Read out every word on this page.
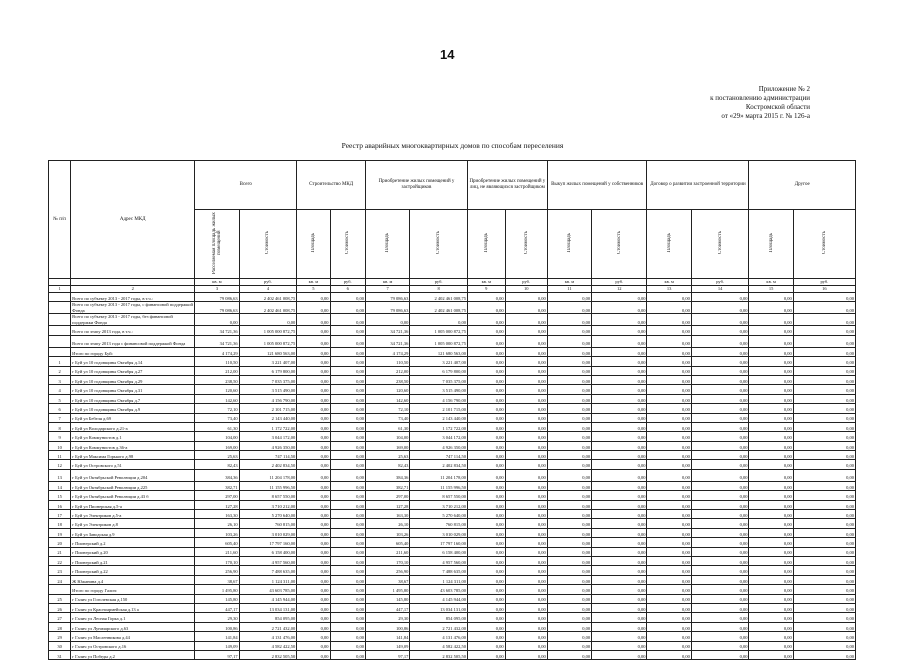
14
Приложение № 2
к постановлению администрации
Костромской области
от «29» марта 2015 г. № 126-а
Реестр аварийных многоквартирных домов по способам переселения
№ п/п	Адрес МКД	Всего		Строительство МКД		Приобретение жилых помещений у застройщиков		Приобретение жилых помещений у лиц, не являющихся застройщиком		Выкуп жилых помещений у собственников		Договор о развитии застроенной территории		Другое	
		Расселяемая площадь жилых помещений	Стоимость	Площадь	Стоимость	Площадь	Стоимость	Площадь	Стоимость	Площадь	Стоимость	Площадь	Стоимость	Площадь	Стоимость
		кв. м	руб.	кв. м	руб.	кв. м	руб.	кв. м	руб.	кв. м	руб.	кв. м	руб.	кв. м	руб.
1	2	3	4	5	6	7	8	9	10	11	12	13	14	15	16
	Всего по субъекту 2013 - 2017 годы, в т.ч.:	79 086,63	2 402 461 008,75	0,00	0,00	79 086,63	2 402 461 008,75	0,00	0,00	0,00	0,00	0,00	0,00	0,00	0,00
	Всего по субъекту 2013 - 2017 годы, с финансовой поддержкой Фонда	79 086,63	2 402 461 008,75	0,00	0,00	79 086,63	2 402 461 008,75	0,00	0,00	0,00	0,00	0,00	0,00	0,00	0,00
	Всего по субъекту 2013 - 2017 годы, без финансовой поддержки Фонда	0,00	0,00	0,00	0,00	0,00	0,00	0,00	0,00	0,00	0,00	0,00	0,00	0,00	0,00
	Всего по этапу 2013 года, в т.ч.:	34 721,36	1 005 000 872,75	0,00	0,00	34 721,36	1 005 000 872,75	0,00	0,00	0,00	0,00	0,00	0,00	0,00	0,00
	Всего по этапу 2013 года с финансовой поддержкой Фонда	34 721,36	1 005 000 872,75	0,00	0,00	34 721,36	1 005 000 872,75	0,00	0,00	0,00	0,00	0,00	0,00	0,00	0,00
	Итого по городу Буй:	4 174,29	121 680 563,00	0,00	0,00	4 174,29	121 680 563,00	0,00	0,00	0,00	0,00	0,00	0,00	0,00	0,00
1	г Буй ул 10 годовщины Октября д.14	110,50	3 221 407,00	0,00	0,00	110,50	3 221 407,00	0,00	0,00	0,00	0,00	0,00	0,00	0,00	0,00
2	г Буй ул 10 годовщины Октября д.27	212,00	6 179 800,00	0,00	0,00	212,00	6 179 800,00	0,00	0,00	0,00	0,00	0,00	0,00	0,00	0,00
3	г Буй ул 10 годовщины Октября д.29	238,50	7 035 375,00	0,00	0,00	238,50	7 035 375,00	0,00	0,00	0,00	0,00	0,00	0,00	0,00	0,00
4	г Буй ул 10 годовщины Октября д.31	120,60	3 515 490,00	0,00	0,00	120,60	3 515 490,00	0,00	0,00	0,00	0,00	0,00	0,00	0,00	0,00
5	г Буй ул 10 годовщины Октября д.7	142,60	4 156 790,00	0,00	0,00	142,60	4 156 790,00	0,00	0,00	0,00	0,00	0,00	0,00	0,00	0,00
6	г Буй ул 10 годовщины Октября д.9	72,10	2 101 715,00	0,00	0,00	72,10	2 101 715,00	0,00	0,00	0,00	0,00	0,00	0,00	0,00	0,00
7	г Буй ул Бебеля д.69	73,40	2 143 440,00	0,00	0,00	73,40	2 143 440,00	0,00	0,00	0,00	0,00	0,00	0,00	0,00	0,00
8	г Буй ул Володарского д.21-а	61,30	1 172 722,00	0,00	0,00	61,30	1 172 722,00	0,00	0,00	0,00	0,00	0,00	0,00	0,00	0,00
9	г Буй ул Коммунистов д.1	104,00	3 044 172,00	0,00	0,00	104,00	3 044 172,00	0,00	0,00	0,00	0,00	0,00	0,00	0,00	0,00
10	г Буй ул Коммунистов д.36-а	169,00	4 926 350,00	0,00	0,00	169,00	4 926 350,00	0,00	0,00	0,00	0,00	0,00	0,00	0,00	0,00
11	г Буй ул Максима Горького д.98	25,63	747 114,50	0,00	0,00	25,63	747 114,50	0,00	0,00	0,00	0,00	0,00	0,00	0,00	0,00
12	г Буй ул Островского д.51	82,43	2 402 834,50	0,00	0,00	82,43	2 402 834,50	0,00	0,00	0,00	0,00	0,00	0,00	0,00	0,00
13	г Буй ул Октябрьской Революции д.204	384,36	11 204 178,00	0,00	0,00	384,36	11 204 178,00	0,00	0,00	0,00	0,00	0,00	0,00	0,00	0,00
14	г Буй ул Октябрьской Революции д.225	382,71	11 155 996,50	0,00	0,00	382,71	11 155 996,50	0,00	0,00	0,00	0,00	0,00	0,00	0,00	0,00
15	г Буй ул Октябрьской Революции д.43 б	297,00	8 657 550,00	0,00	0,00	297,00	8 657 550,00	0,00	0,00	0,00	0,00	0,00	0,00	0,00	0,00
16	г Буй ул Пионерская д.5-а	127,28	3 710 212,00	0,00	0,00	127,28	3 710 212,00	0,00	0,00	0,00	0,00	0,00	0,00	0,00	0,00
17	г Буй ул Электриков д.5-а	163,30	5 270 640,00	0,00	0,00	163,30	5 270 640,00	0,00	0,00	0,00	0,00	0,00	0,00	0,00	0,00
18	г Буй ул Электриков д.8	26,10	760 815,00	0,00	0,00	26,10	760 815,00	0,00	0,00	0,00	0,00	0,00	0,00	0,00	0,00
19	г Буй ул Заводская д.9	103,26	3 010 029,00	0,00	0,00	103,26	3 010 029,00	0,00	0,00	0,00	0,00	0,00	0,00	0,00	0,00
20	г Пионерский д.2	605,40	17 797 160,00	0,00	0,00	605,40	17 797 160,00	0,00	0,00	0,00	0,00	0,00	0,00	0,00	0,00
21	г Пионерский д.20	211,60	6 158 400,00	0,00	0,00	211,60	6 158 400,00	0,00	0,00	0,00	0,00	0,00	0,00	0,00	0,00
22	г Пионерский д.21	170,10	4 957 560,00	0,00	0,00	170,10	4 957 560,00	0,00	0,00	0,00	0,00	0,00	0,00	0,00	0,00
23	г Пионерский д.22	256,90	7 488 635,00	0,00	0,00	256,90	7 488 635,00	0,00	0,00	0,00	0,00	0,00	0,00	0,00	0,00
24	Ж Южанина д.4	38,67	1 124 311,00	0,00	0,00	38,67	1 124 311,00	0,00	0,00	0,00	0,00	0,00	0,00	0,00	0,00
	Итого по городу Галич:	1 495,80	43 603 785,00	0,00	0,00	1 495,80	43 603 785,00	0,00	0,00	0,00	0,00	0,00	0,00	0,00	0,00
25	г Галич ул Гоголевская д.150	145,80	4 145 944,00	0,00	0,00	145,80	4 145 944,00	0,00	0,00	0,00	0,00	0,00	0,00	0,00	0,00
26	г Галич ул Красноармейская д.13 а	447,17	13 034 131,00	0,00	0,00	447,17	13 034 131,00	0,00	0,00	0,00	0,00	0,00	0,00	0,00	0,00
27	г Галич ул Лесная Горка д.1	29,30	854 095,00	0,00	0,00	29,30	854 095,00	0,00	0,00	0,00	0,00	0,00	0,00	0,00	0,00
28	г Галич ул Луначарского д.63	100,86	2 721 432,00	0,00	0,00	100,86	2 721 432,00	0,00	0,00	0,00	0,00	0,00	0,00	0,00	0,00
29	г Галич ул Масленникова д.44	141,84	4 131 476,00	0,00	0,00	141,84	4 131 476,00	0,00	0,00	0,00	0,00	0,00	0,00	0,00	0,00
30	г Галич ул Островского д.16	149,09	4 582 422,50	0,00	0,00	149,09	4 582 422,50	0,00	0,00	0,00	0,00	0,00	0,00	0,00	0,00
31	г Галич ул Победы д.2	97,17	2 832 505,50	0,00	0,00	97,17	2 832 505,50	0,00	0,00	0,00	0,00	0,00	0,00	0,00	0,00
